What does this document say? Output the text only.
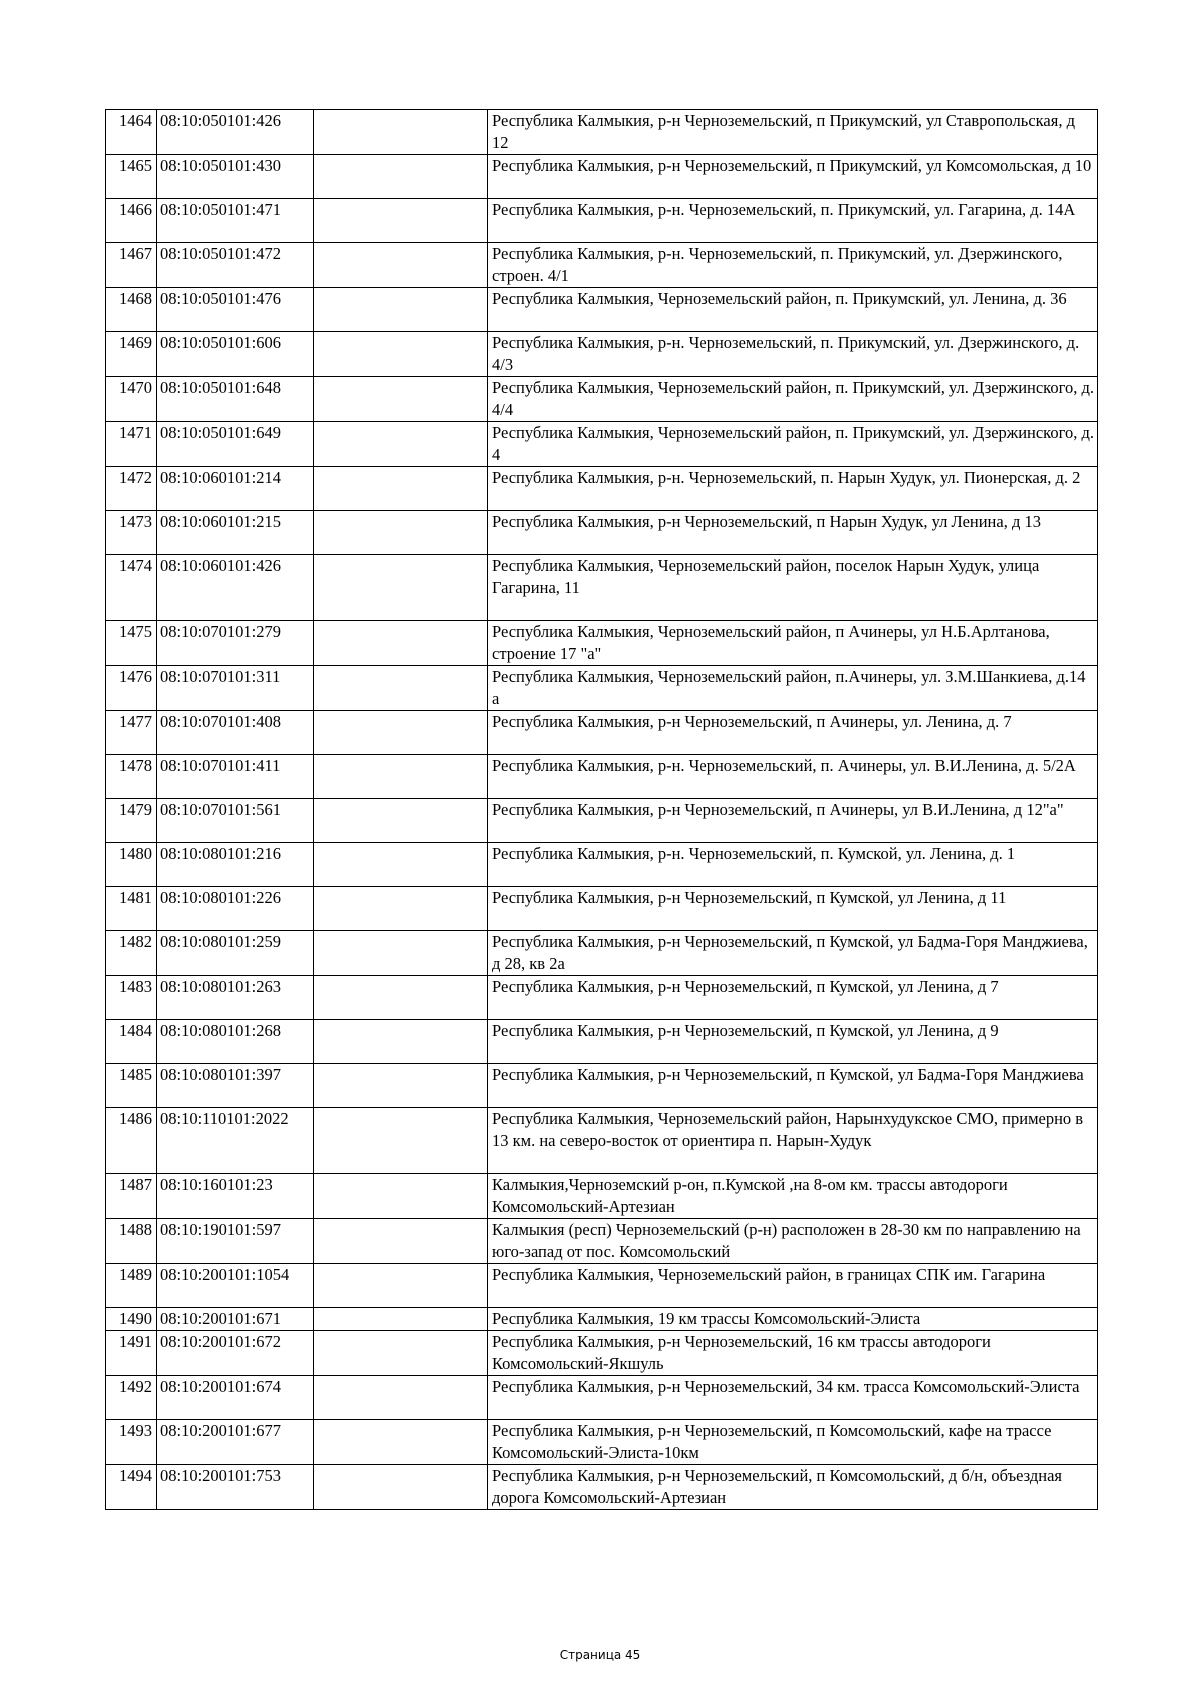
1464	08:10:050101:426		Республика Калмыкия, р-н Черноземельский, п Прикумский, ул Ставропольская, д 12
1465	08:10:050101:430		Республика Калмыкия, р-н Черноземельский, п Прикумский, ул Комсомольская, д 10
1466	08:10:050101:471		Республика Калмыкия, р-н. Черноземельский, п. Прикумский, ул. Гагарина, д. 14А
1467	08:10:050101:472		Республика Калмыкия, р-н. Черноземельский, п. Прикумский, ул. Дзержинского, строен. 4/1
1468	08:10:050101:476		Республика Калмыкия, Черноземельский район, п. Прикумский, ул. Ленина, д. 36
1469	08:10:050101:606		Республика Калмыкия, р-н. Черноземельский, п. Прикумский, ул. Дзержинского, д. 4/3
1470	08:10:050101:648		Республика Калмыкия, Черноземельский район, п. Прикумский, ул. Дзержинского, д. 4/4
1471	08:10:050101:649		Республика Калмыкия, Черноземельский район, п. Прикумский, ул. Дзержинского, д. 4
1472	08:10:060101:214		Республика Калмыкия, р-н. Черноземельский, п. Нарын Худук, ул. Пионерская, д. 2
1473	08:10:060101:215		Республика Калмыкия, р-н Черноземельский, п Нарын Худук, ул Ленина, д 13
1474	08:10:060101:426		Республика Калмыкия, Черноземельский район, поселок Нарын Худук, улица Гагарина, 11
1475	08:10:070101:279		Республика Калмыкия, Черноземельский район, п Ачинеры, ул Н.Б.Арлтанова, строение 17 "а"
1476	08:10:070101:311		Республика Калмыкия, Черноземельский район, п.Ачинеры, ул. З.М.Шанкиева, д.14 а
1477	08:10:070101:408		Республика Калмыкия, р-н Черноземельский, п Ачинеры, ул. Ленина, д. 7
1478	08:10:070101:411		Республика Калмыкия, р-н. Черноземельский, п. Ачинеры, ул. В.И.Ленина, д. 5/2А
1479	08:10:070101:561		Республика Калмыкия, р-н Черноземельский, п Ачинеры, ул В.И.Ленина, д 12"а"
1480	08:10:080101:216		Республика Калмыкия, р-н. Черноземельский, п. Кумской, ул. Ленина, д. 1
1481	08:10:080101:226		Республика Калмыкия, р-н Черноземельский, п Кумской, ул Ленина, д 11
1482	08:10:080101:259		Республика Калмыкия, р-н Черноземельский, п Кумской, ул Бадма-Горя Манджиева, д 28, кв 2а
1483	08:10:080101:263		Республика Калмыкия, р-н Черноземельский, п Кумской, ул Ленина, д 7
1484	08:10:080101:268		Республика Калмыкия, р-н Черноземельский, п Кумской, ул Ленина, д 9
1485	08:10:080101:397		Республика Калмыкия, р-н Черноземельский, п Кумской, ул Бадма-Горя Манджиева
1486	08:10:110101:2022		Республика Калмыкия, Черноземельский район, Нарынхудукское СМО, примерно в 13 км. на северо-восток от ориентира п. Нарын-Худук
1487	08:10:160101:23		Калмыкия,Черноземский р-он, п.Кумской ,на 8-ом км. трассы автодороги Комсомольский-Артезиан
1488	08:10:190101:597		Калмыкия (респ) Черноземельский (р-н) расположен в 28-30 км по направлению на юго-запад от пос. Комсомольский
1489	08:10:200101:1054		Республика Калмыкия, Черноземельский район, в границах СПК им. Гагарина
1490	08:10:200101:671		Республика Калмыкия, 19 км трассы Комсомольский-Элиста
1491	08:10:200101:672		Республика Калмыкия, р-н Черноземельский, 16 км трассы автодороги Комсомольский-Якшуль
1492	08:10:200101:674		Республика Калмыкия, р-н Черноземельский, 34 км. трасса Комсомольский-Элиста
1493	08:10:200101:677		Республика Калмыкия, р-н Черноземельский, п Комсомольский, кафе на трассе Комсомольский-Элиста-10км
1494	08:10:200101:753		Республика Калмыкия, р-н Черноземельский, п Комсомольский, д б/н, объездная дорога Комсомольский-Артезиан
Страница 45
